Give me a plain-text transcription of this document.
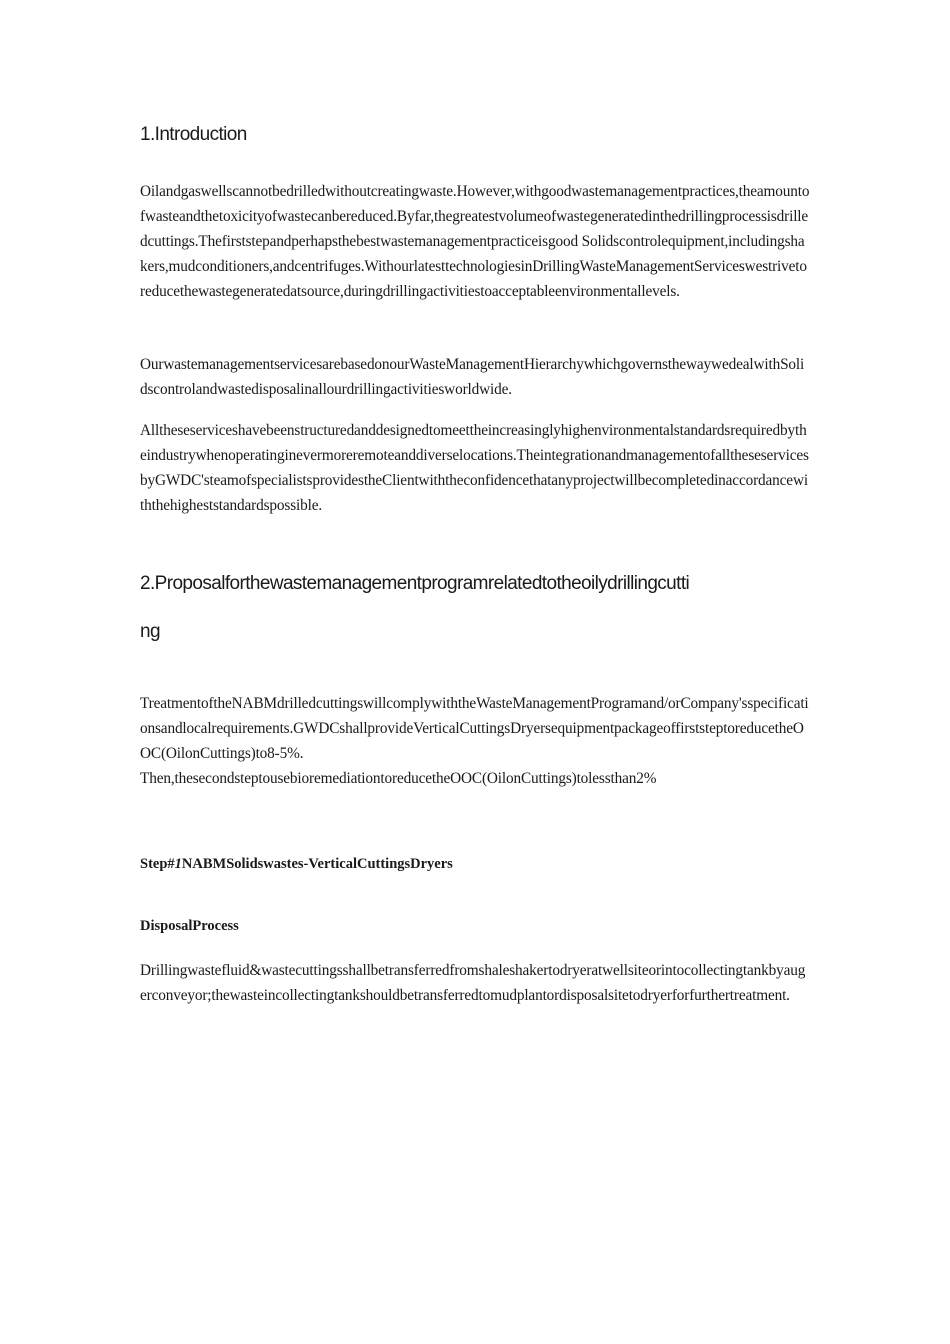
1.Introduction

Oilandgaswellscannotbedrilledwithoutcreatingwaste.However,withgoodwastemanagementpractices,theamountofwasteandthetoxicityofwastecanbereduced.Byfar,thegreatestvolumeofwastegeneratedinthedrillingprocessisdrilledcuttings.Thefirststepandperhapsthebestwastemanagementpracticeisgood Solidscontrolequipment,includingshakers,mudconditioners,andcentrifuges.WithourlatesttechnologiesinDrillingWasteManagementServiceswestrivetoreducethewastegeneratedatsource,duringdrillingactivitiestoacceptableenvironmentallevels.

OurwastemanagementservicesarebasedonourWasteManagementHierarchywhichgovernsthewaywedealwithSolidscontrolandwastedisposalinallourdrillingactivitiesworldwide.

Alltheseserviceshavebeenstructuredanddesignedtomeettheincreasinglyhighenvironmentalstandardsrequiredbytheindustrywhenoperatinginevermoreremoteanddiverselocations.TheintegrationandmanagementofalltheseservicesbyGWDC'steamofspecialistsprovidestheClientwiththeconfidencethatanyprojectwillbecompletedinaccordancewiththehigheststandardspossible.

2.Proposalforthewastemanagementprogramrelatedtotheoilydrillingcutti
ng

TreatmentoftheNABMdrilledcuttingswillcomplywiththeWasteManagementProgramand/orCompany'sspecificationsandlocalrequirements.GWDCshallprovideVerticalCuttingsDryersequipmentpackageoffirststeptoreducetheOOC(OilonCuttings)to8-5%.
Then,thesecondsteptousebioremediationtoreducetheOOC(OilonCuttings)tolessthan2%

Step#1NABMSolidswastes-VerticalCuttingsDryers
DisposalProcess

Drillingwastefluid&wastecuttingsshallbetransferredfromshaleshakertodryeratwellsiteorintocollectingtankbyaugerconveyor;thewasteincollectingtankshouldbetransferredtomudplantordisposalsitetodryerforfurthertreatment.
